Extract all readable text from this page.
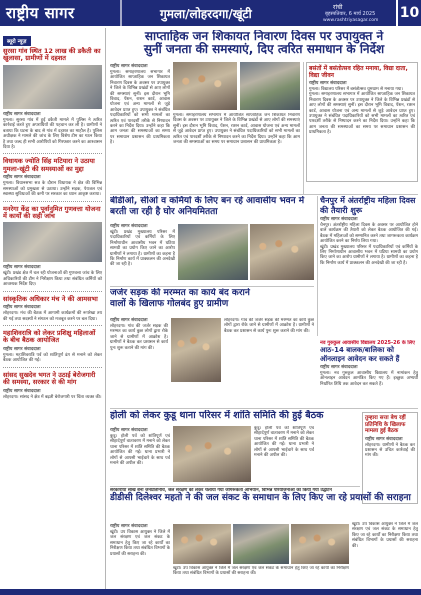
राष्ट्रीय सागर	गुमला/लोहरदगा/खूंटी	रांची
बृहस्पतिवार, 6 मार्च 2025
www.rashtriyasagar.com 10
ब्यूरो न्यूज़
सुरसा गांव स्थित 12 लाख की डकैती का खुलासा, ग्रामीणों में दहशत
राष्ट्रीय सागर संवाददाता
गुमला। सुरसा गांव में हुई डकैती मामले में पुलिस ने त्वरित कार्रवाई करते हुए अपराधियों की पहचान कर ली है। ग्रामीणों ने बताया कि घटना के बाद से गांव में दहशत का माहौल है। पुलिस अधीक्षक ने मामले की जांच के लिए विशेष टीम का गठन किया है तथा जल्द ही सभी आरोपियों को गिरफ्तार करने का आश्वासन दिया है।
विधायक ज्योति सिंह मटियारा ने उठाया गुमला-खूंटी की समस्याओं का मुद्दा
राष्ट्रीय सागर संवाददाता
गुमला। विधानसभा सत्र के दौरान विधायक ने क्षेत्र की विभिन्न समस्याओं को प्रमुखता से उठाया। उन्होंने सड़क, पेयजल एवं स्वास्थ्य सुविधाओं की कमी पर सरकार का ध्यान आकृष्ट कराया।
मनरेगा केंद्र का पूर्वानुमित गुणवत्ता योजना में कार्यों की सही जांच
राष्ट्रीय सागर संवाददाता
खूंटी। प्रखंड क्षेत्र में चल रही योजनाओं की गुणवत्ता जांच के लिए अधिकारियों की टीम ने निरीक्षण किया तथा संबंधित कर्मियों को आवश्यक निर्देश दिए।
सांस्कृतिक अधिकार मंच ने की आमसभा
राष्ट्रीय सागर संवाददाता
लोहरदगा। मंच की बैठक में आगामी कार्यक्रमों की रूपरेखा तय की गई तथा सदस्यों ने संगठन को मजबूत करने पर बल दिया।
महाशिवरात्रि को लेकर प्रशिक्षु महिलाओं के बीच बैठक आयोजित
राष्ट्रीय सागर संवाददाता
गुमला। महाशिवरात्रि पर्व को शांतिपूर्ण ढंग से मनाने को लेकर बैठक आयोजित की गई।
सांसद सुखदेव भगत ने उठाई बेरोजगारी की समस्या, सरकार से की मांग
राष्ट्रीय सागर संवाददाता
लोहरदगा। सांसद ने क्षेत्र में बढ़ती बेरोजगारी पर चिंता व्यक्त की।
साप्ताहिक जन शिकायत निवारण दिवस पर उपायुक्त ने
सुनीं जनता की समस्याएं, दिए त्वरित समाधान के निर्देश
राष्ट्रीय सागर संवाददाता
गुमला। समाहरणालय सभागार में आयोजित साप्ताहिक जन शिकायत निवारण दिवस के अवसर पर उपायुक्त ने जिले के विभिन्न प्रखंडों से आए लोगों की समस्याएं सुनीं। इस दौरान भूमि विवाद, पेंशन, राशन कार्ड, आवास योजना एवं अन्य मामलों से जुड़े आवेदन प्राप्त हुए। उपायुक्त ने संबंधित पदाधिकारियों को सभी मामलों का त्वरित एवं पारदर्शी तरीके से निष्पादन करने का निर्देश दिया। उन्होंने कहा कि आम जनता की समस्याओं का समय पर समाधान प्रशासन की प्राथमिकता है।
गुमला। समाहरणालय सभागार में आयोजित साप्ताहिक जन शिकायत निवारण दिवस के अवसर पर उपायुक्त ने जिले के विभिन्न प्रखंडों से आए लोगों की समस्याएं सुनीं। इस दौरान भूमि विवाद, पेंशन, राशन कार्ड, आवास योजना एवं अन्य मामलों से जुड़े आवेदन प्राप्त हुए। उपायुक्त ने संबंधित पदाधिकारियों को सभी मामलों का त्वरित एवं पारदर्शी तरीके से निष्पादन करने का निर्देश दिया। उन्होंने कहा कि आम जनता की समस्याओं का समय पर समाधान प्रशासन की प्राथमिकता है।
बसंतों में बसंतोत्सव रहित मनाया, विद्या दाता, विद्या जीवन
राष्ट्रीय सागर संवाददाता
गुमला। विद्यालय परिसर में बसंतोत्सव धूमधाम से मनाया गया।
गुमला। समाहरणालय सभागार में आयोजित साप्ताहिक जन शिकायत निवारण दिवस के अवसर पर उपायुक्त ने जिले के विभिन्न प्रखंडों से आए लोगों की समस्याएं सुनीं। इस दौरान भूमि विवाद, पेंशन, राशन कार्ड, आवास योजना एवं अन्य मामलों से जुड़े आवेदन प्राप्त हुए। उपायुक्त ने संबंधित पदाधिकारियों को सभी मामलों का त्वरित एवं पारदर्शी तरीके से निष्पादन करने का निर्देश दिया। उन्होंने कहा कि आम जनता की समस्याओं का समय पर समाधान प्रशासन की प्राथमिकता है।
बीडीओ, सीओ व कर्मियों के लिए बन रहे आवासीय भवन में बरती जा रही है घोर अनियमितता
राष्ट्रीय सागर संवाददाता
खूंटी। प्रखंड मुख्यालय परिसर में पदाधिकारियों एवं कर्मियों के लिए निर्माणाधीन आवासीय भवन में घटिया सामग्री का प्रयोग किए जाने का आरोप ग्रामीणों ने लगाया है। ग्रामीणों का कहना है कि निर्माण कार्य में प्राक्कलन की अनदेखी की जा रही है।
चैनपुर में अंतर्राष्ट्रीय महिला दिवस की तैयारी शुरू
राष्ट्रीय सागर संवाददाता
चैनपुर। अंतर्राष्ट्रीय महिला दिवस के अवसर पर आयोजित होने वाले कार्यक्रम की तैयारी को लेकर बैठक आयोजित की गई। बैठक में महिलाओं को सम्मानित करने तथा जागरूकता कार्यक्रम आयोजित करने का निर्णय लिया गया।
खूंटी। प्रखंड मुख्यालय परिसर में पदाधिकारियों एवं कर्मियों के लिए निर्माणाधीन आवासीय भवन में घटिया सामग्री का प्रयोग किए जाने का आरोप ग्रामीणों ने लगाया है। ग्रामीणों का कहना है कि निर्माण कार्य में प्राक्कलन की अनदेखी की जा रही है।
जर्जर सड़क की मरम्मत का कार्य बंद कराने
वालों के खिलाफ गोलबंद हुए ग्रामीण
राष्ट्रीय सागर संवाददाता
लोहरदगा। गांव की जर्जर सड़क की मरम्मत का कार्य कुछ लोगों द्वारा रोके जाने से ग्रामीणों में आक्रोश है। ग्रामीणों ने बैठक कर प्रशासन से कार्य पुनः शुरू कराने की मांग की।
लोहरदगा। गांव की जर्जर सड़क की मरम्मत का कार्य कुछ लोगों द्वारा रोके जाने से ग्रामीणों में आक्रोश है। ग्रामीणों ने बैठक कर प्रशासन से कार्य पुनः शुरू कराने की मांग की।
नव गुरुकुल आवासीय विद्यालय 2025-26 के लिए
आठ-14 बालक/बालिका को ऑनलाइन आवेदन कर सकते हैं
राष्ट्रीय सागर संवाददाता
गुमला। नव गुरुकुल आवासीय विद्यालय में नामांकन हेतु ऑनलाइन आवेदन आमंत्रित किए गए हैं। इच्छुक अभ्यर्थी निर्धारित तिथि तक आवेदन कर सकते हैं।
होली को लेकर कुडू थाना परिसर में शांति समिति की हुई बैठक
राष्ट्रीय सागर संवाददाता
कुडू। होली पर्व को शांतिपूर्ण एवं सौहार्दपूर्ण वातावरण में मनाने को लेकर थाना परिसर में शांति समिति की बैठक आयोजित की गई। थाना प्रभारी ने लोगों से आपसी भाईचारे के साथ पर्व मनाने की अपील की।
कुडू। होली पर्व को शांतिपूर्ण एवं सौहार्दपूर्ण वातावरण में मनाने को लेकर थाना परिसर में शांति समिति की बैठक आयोजित की गई। थाना प्रभारी ने लोगों से आपसी भाईचारे के साथ पर्व मनाने की अपील की।
तुम्हारा सत्ता बेच रहीं प्रतिनिधि के खिलाफ मामला हुई बैठक
राष्ट्रीय सागर संवाददाता
लोहरदगा। ग्रामीणों ने बैठक कर प्रशासन से उचित कार्रवाई की मांग की।
सरकारीया साख बना जनप्रतिनिधि, जल संरक्षण को लेकर चलाया गया जागरूकता अभियान, विभिन्न परियोजनाओं का किया गया उद्घाटन
डीडीसी दिलेश्वर महतो ने की जल संकट के समाधान के लिए किए जा रहे प्रयासों की सराहना
राष्ट्रीय सागर संवाददाता
खूंटी। उप विकास आयुक्त ने जिले में जल संरक्षण एवं जल संकट के समाधान हेतु किए जा रहे कार्यों का निरीक्षण किया तथा संबंधित विभागों के प्रयासों की सराहना की।
खूंटी। उप विकास आयुक्त ने जिले में जल संरक्षण एवं जल संकट के समाधान हेतु किए जा रहे कार्यों का निरीक्षण किया तथा संबंधित विभागों के प्रयासों की सराहना की।
खूंटी। उप विकास आयुक्त ने जिले में जल संरक्षण एवं जल संकट के समाधान हेतु किए जा रहे कार्यों का निरीक्षण किया तथा संबंधित विभागों के प्रयासों की सराहना की।
